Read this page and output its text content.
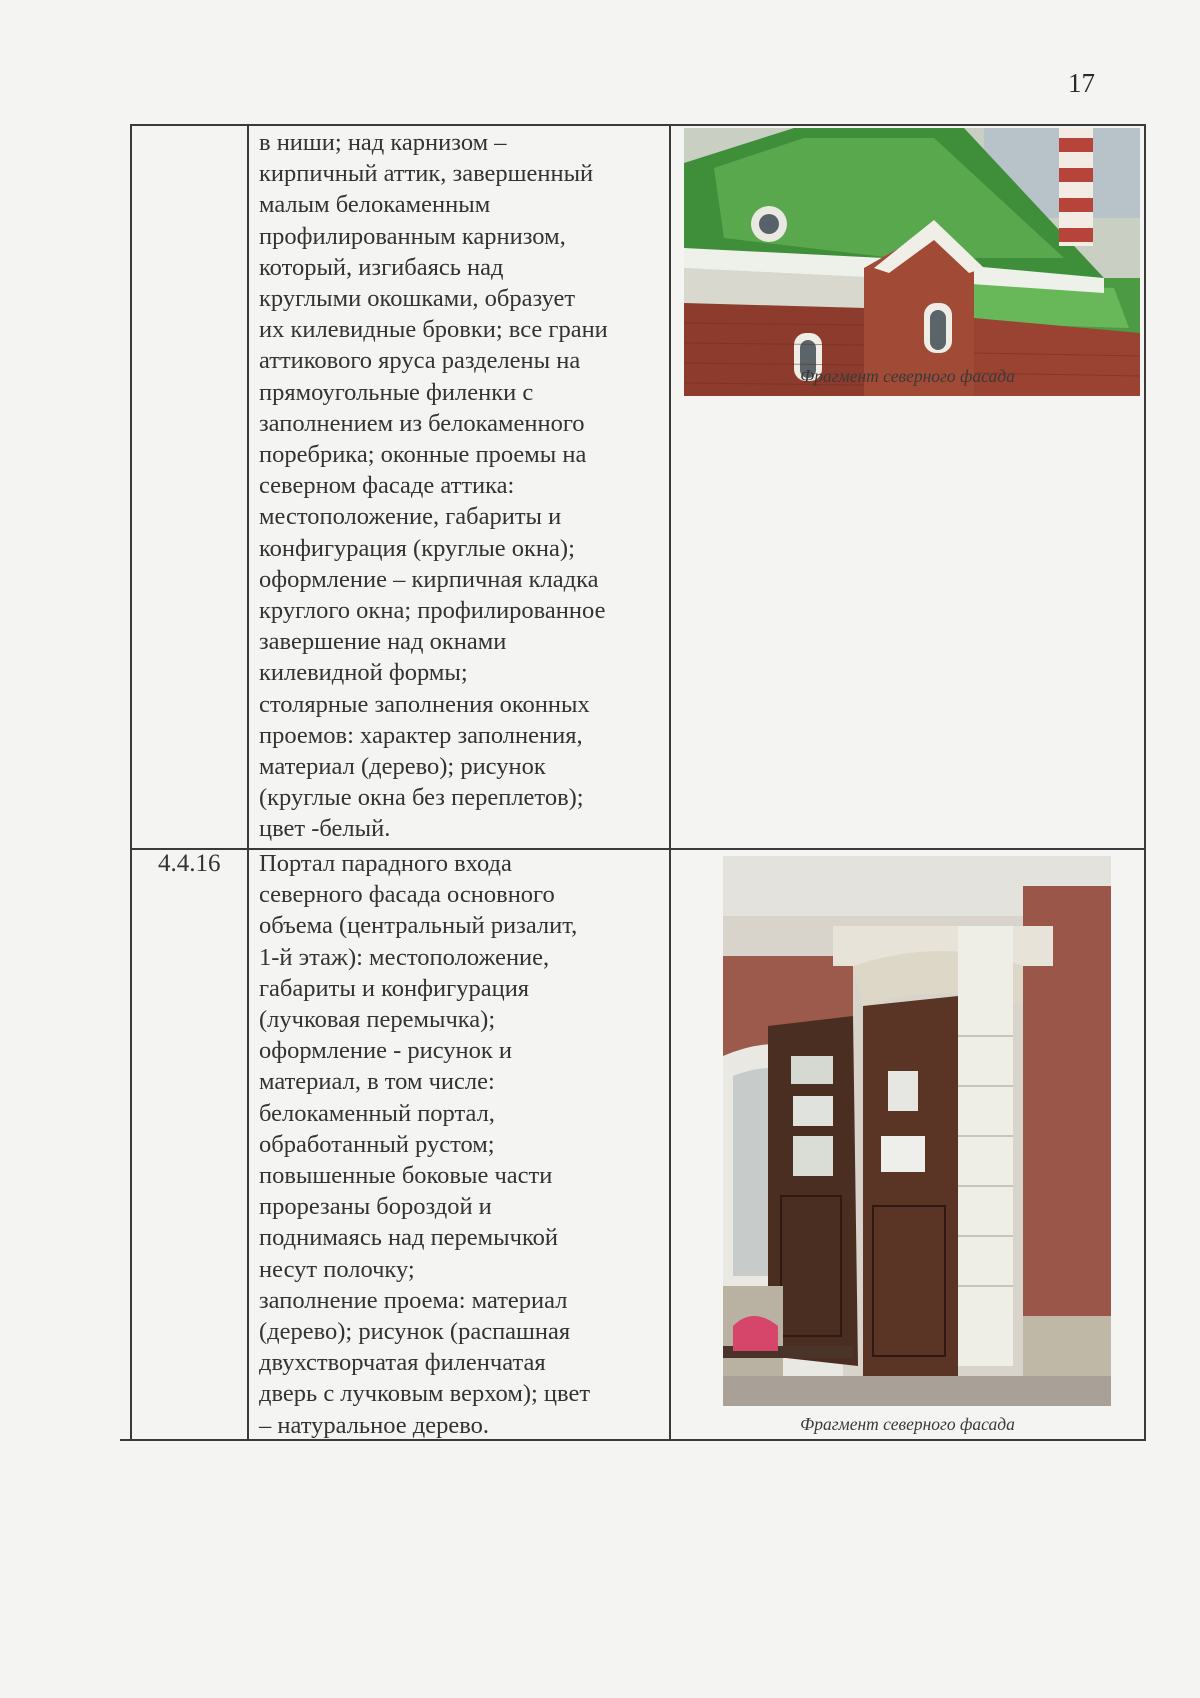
17
в ниши; над карнизом –
кирпичный аттик, завершенный
малым белокаменным
профилированным карнизом,
который, изгибаясь над
круглыми окошками, образует
их килевидные бровки; все грани
аттикового яруса разделены на
прямоугольные филенки с
заполнением из белокаменного
поребрика; оконные проемы на
северном фасаде аттика:
местоположение, габариты и
конфигурация (круглые окна);
оформление – кирпичная кладка
круглого окна; профилированное
завершение над окнами
килевидной формы;
столярные заполнения оконных
проемов: характер заполнения,
материал (дерево); рисунок
(круглые окна без переплетов);
цвет -белый.
Фрагмент северного фасада
4.4.16 Портал парадного входа
северного фасада основного
объема (центральный ризалит,
1-й этаж): местоположение,
габариты и конфигурация
(лучковая перемычка);
оформление - рисунок и
материал, в том числе:
белокаменный портал,
обработанный рустом;
повышенные боковые части
прорезаны бороздой и
поднимаясь над перемычкой
несут полочку;
заполнение проема: материал
(дерево); рисунок (распашная
двухстворчатая филенчатая
дверь с лучковым верхом); цвет
– натуральное дерево.	Фрагмент северного фасада
